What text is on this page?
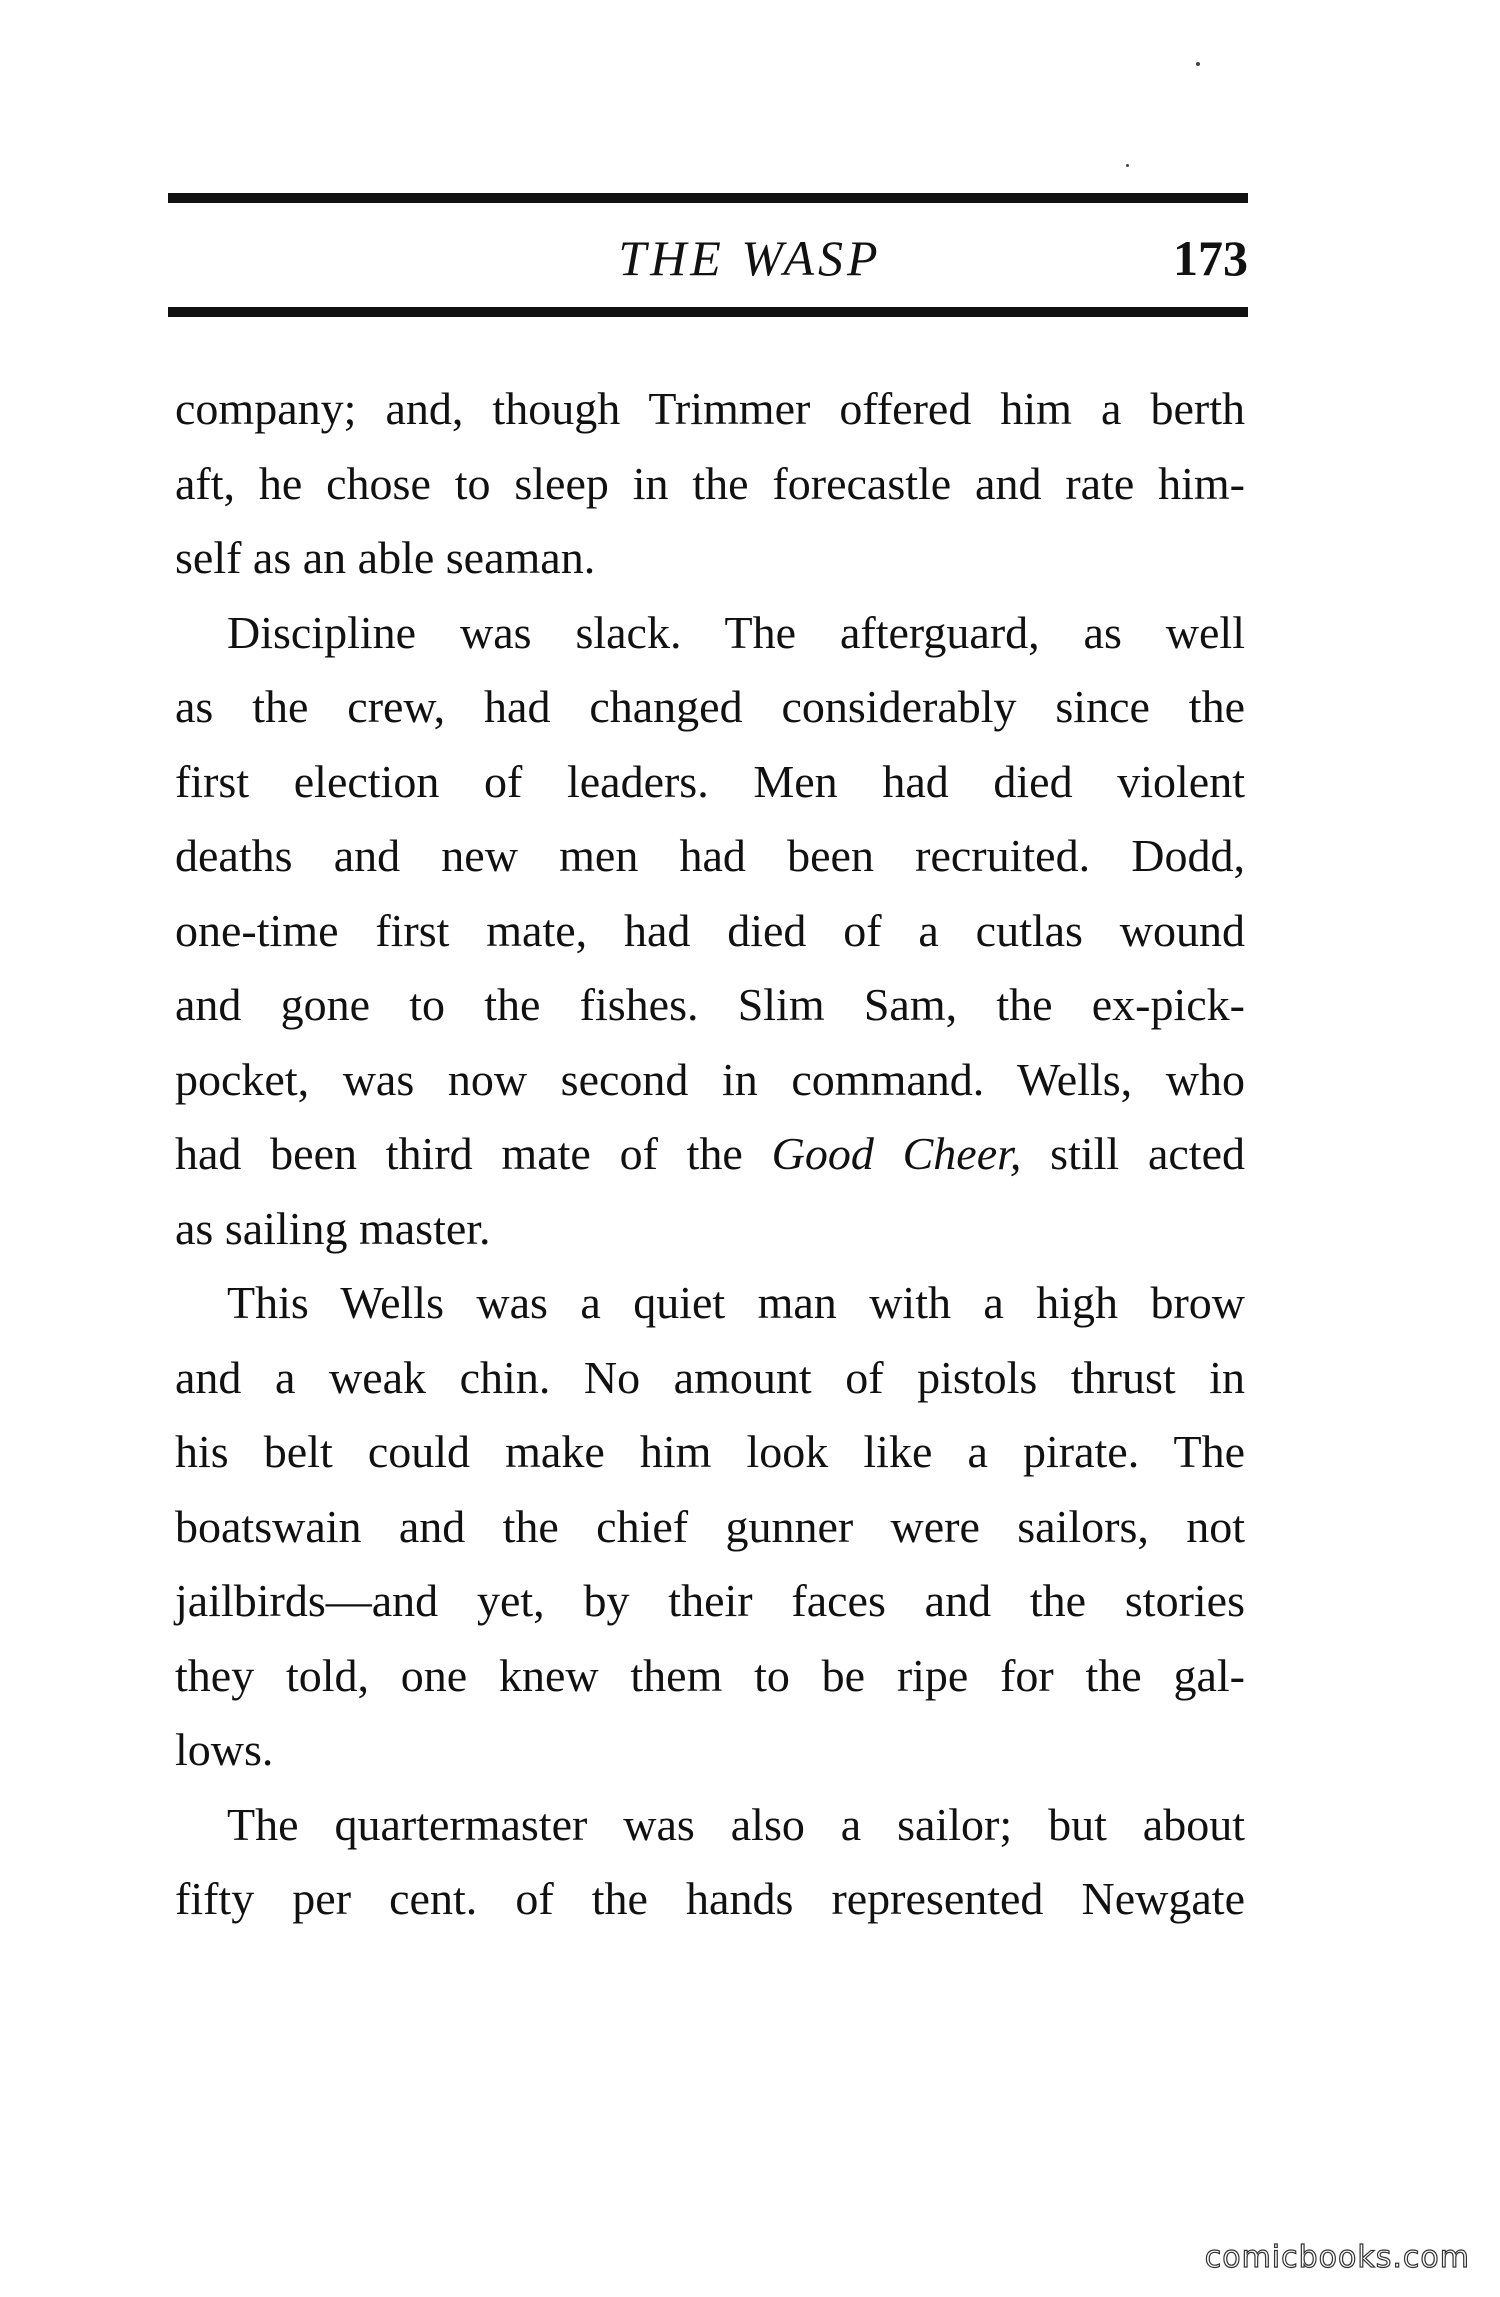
THE WASP	173
company; and, though Trimmer offered him a berth
aft, he chose to sleep in the forecastle and rate him-
self as an able seaman.
Discipline was slack. The afterguard, as well
as the crew, had changed considerably since the
first election of leaders. Men had died violent
deaths and new men had been recruited. Dodd,
one-time first mate, had died of a cutlas wound
and gone to the fishes. Slim Sam, the ex-pick-
pocket, was now second in command. Wells, who
had been third mate of the Good Cheer, still acted
as sailing master.
This Wells was a quiet man with a high brow
and a weak chin. No amount of pistols thrust in
his belt could make him look like a pirate. The
boatswain and the chief gunner were sailors, not
jailbirds—and yet, by their faces and the stories
they told, one knew them to be ripe for the gal-
lows.
The quartermaster was also a sailor; but about
fifty per cent. of the hands represented Newgate
comicbooks.com
